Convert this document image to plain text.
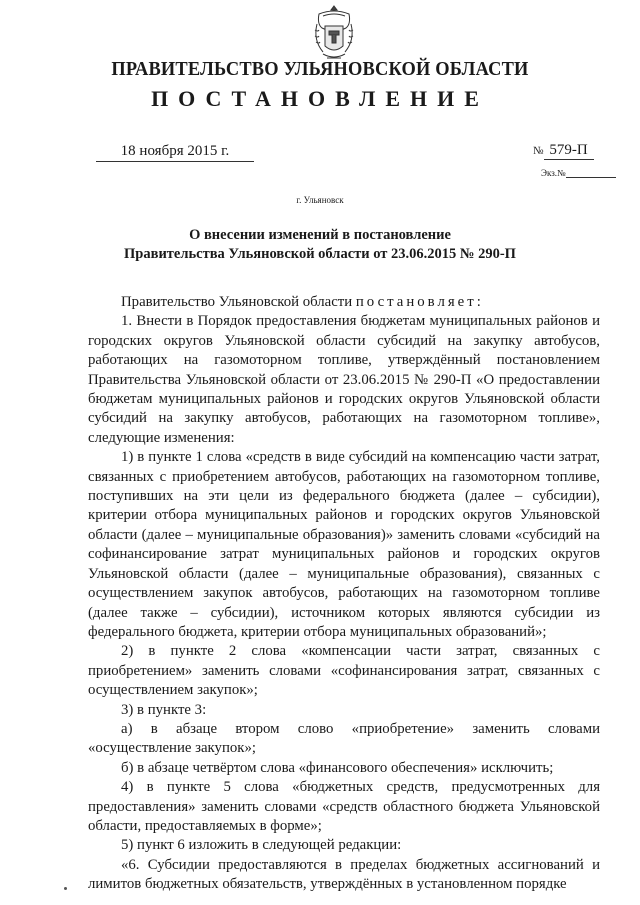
ПРАВИТЕЛЬСТВО УЛЬЯНОВСКОЙ ОБЛАСТИ
ПОСТАНОВЛЕНИЕ
18 ноября 2015 г.	№ 579-П
Экз.№
г. Ульяновск
О внесении изменений в постановление
Правительства Ульяновской области от 23.06.2015 № 290-П

Правительство Ульяновской области постановляет:

1. Внести в Порядок предоставления бюджетам муниципальных районов и городских округов Ульяновской области субсидий на закупку автобусов, работающих на газомоторном топливе, утверждённый постановлением Правительства Ульяновской области от 23.06.2015 № 290-П «О предоставлении бюджетам муниципальных районов и городских округов Ульяновской области субсидий на закупку автобусов, работающих на газомоторном топливе», следующие изменения:

1) в пункте 1 слова «средств в виде субсидий на компенсацию части затрат, связанных с приобретением автобусов, работающих на газомоторном топливе, поступивших на эти цели из федерального бюджета (далее – субсидии), критерии отбора муниципальных районов и городских округов Ульяновской области (далее – муниципальные образования)» заменить словами «субсидий на софинансирование затрат муниципальных районов и городских округов Ульяновской области (далее – муниципальные образования), связанных с осуществлением закупок автобусов, работающих на газомоторном топливе (далее также – субсидии), источником которых являются субсидии из федерального бюджета, критерии отбора муниципальных образований»;

2) в пункте 2 слова «компенсации части затрат, связанных с приобретением» заменить словами «софинансирования затрат, связанных с осуществлением закупок»;

3) в пункте 3:

а) в абзаце втором слово «приобретение» заменить словами «осуществление закупок»;

б) в абзаце четвёртом слова «финансового обеспечения» исключить;

4) в пункте 5 слова «бюджетных средств, предусмотренных для предоставления» заменить словами «средств областного бюджета Ульяновской области, предоставляемых в форме»;

5) пункт 6 изложить в следующей редакции:

«6. Субсидии предоставляются в пределах бюджетных ассигнований и лимитов бюджетных обязательств, утверждённых в установленном порядке
